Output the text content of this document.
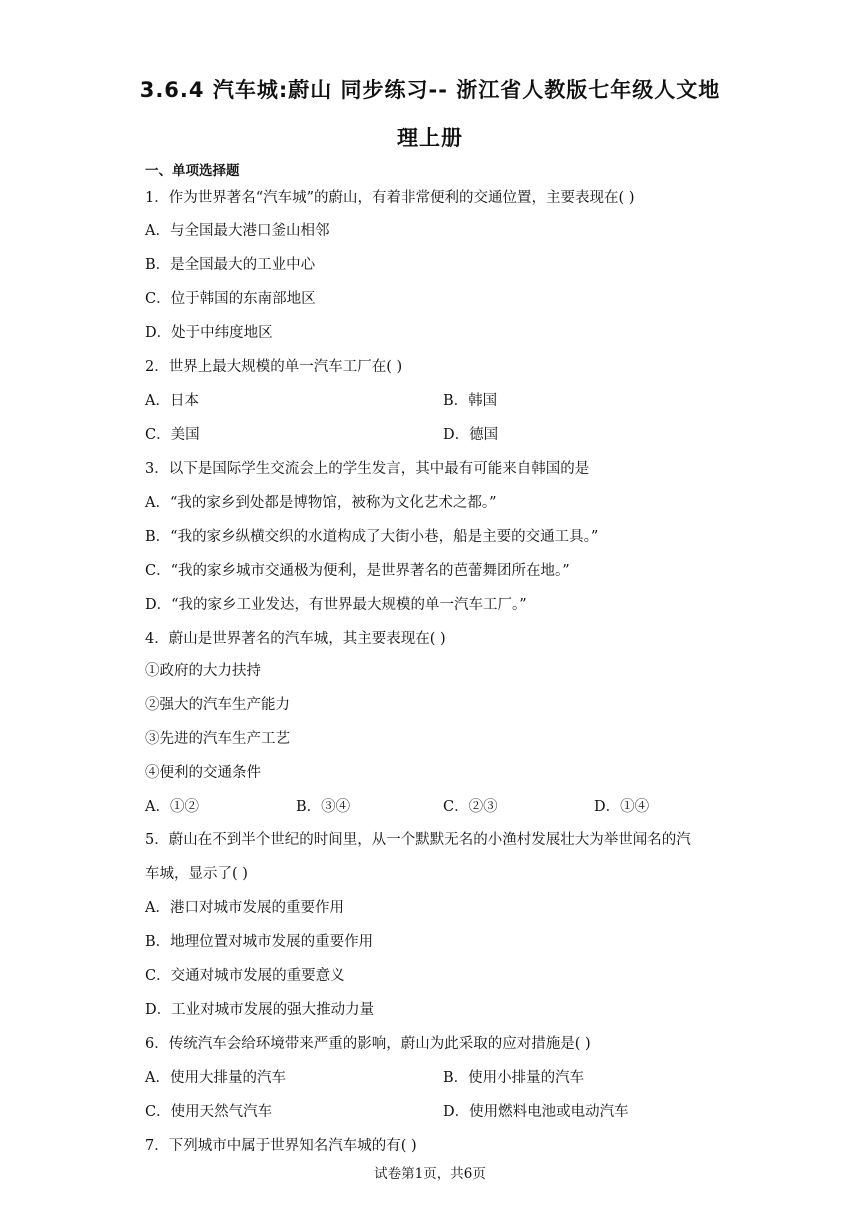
3.6.4 汽车城:蔚山 同步练习-- 浙江省人教版七年级人文地
理上册
一、单项选择题
1．作为世界著名“汽车城”的蔚山，有着非常便利的交通位置，主要表现在( )
A．与全国最大港口釜山相邻
B．是全国最大的工业中心
C．位于韩国的东南部地区
D．处于中纬度地区
2．世界上最大规模的单一汽车工厂在( )
A．日本	B．韩国
C．美国	D．德国
3．以下是国际学生交流会上的学生发言，其中最有可能来自韩国的是
A．“我的家乡到处都是博物馆，被称为文化艺术之都。”
B．“我的家乡纵横交织的水道构成了大街小巷，船是主要的交通工具。”
C．“我的家乡城市交通极为便利，是世界著名的芭蕾舞团所在地。”
D．“我的家乡工业发达，有世界最大规模的单一汽车工厂。”
4．蔚山是世界著名的汽车城，其主要表现在( )
①政府的大力扶持
②强大的汽车生产能力
③先进的汽车生产工艺
④便利的交通条件
A．①②	B．③④	C．②③	D．①④
5．蔚山在不到半个世纪的时间里，从一个默默无名的小渔村发展壮大为举世闻名的汽
车城，显示了( )
A．港口对城市发展的重要作用
B．地理位置对城市发展的重要作用
C．交通对城市发展的重要意义
D．工业对城市发展的强大推动力量
6．传统汽车会给环境带来严重的影响，蔚山为此采取的应对措施是( )
A．使用大排量的汽车	B．使用小排量的汽车
C．使用天然气汽车	D．使用燃料电池或电动汽车
7．下列城市中属于世界知名汽车城的有( )
试卷第1页，共6页
